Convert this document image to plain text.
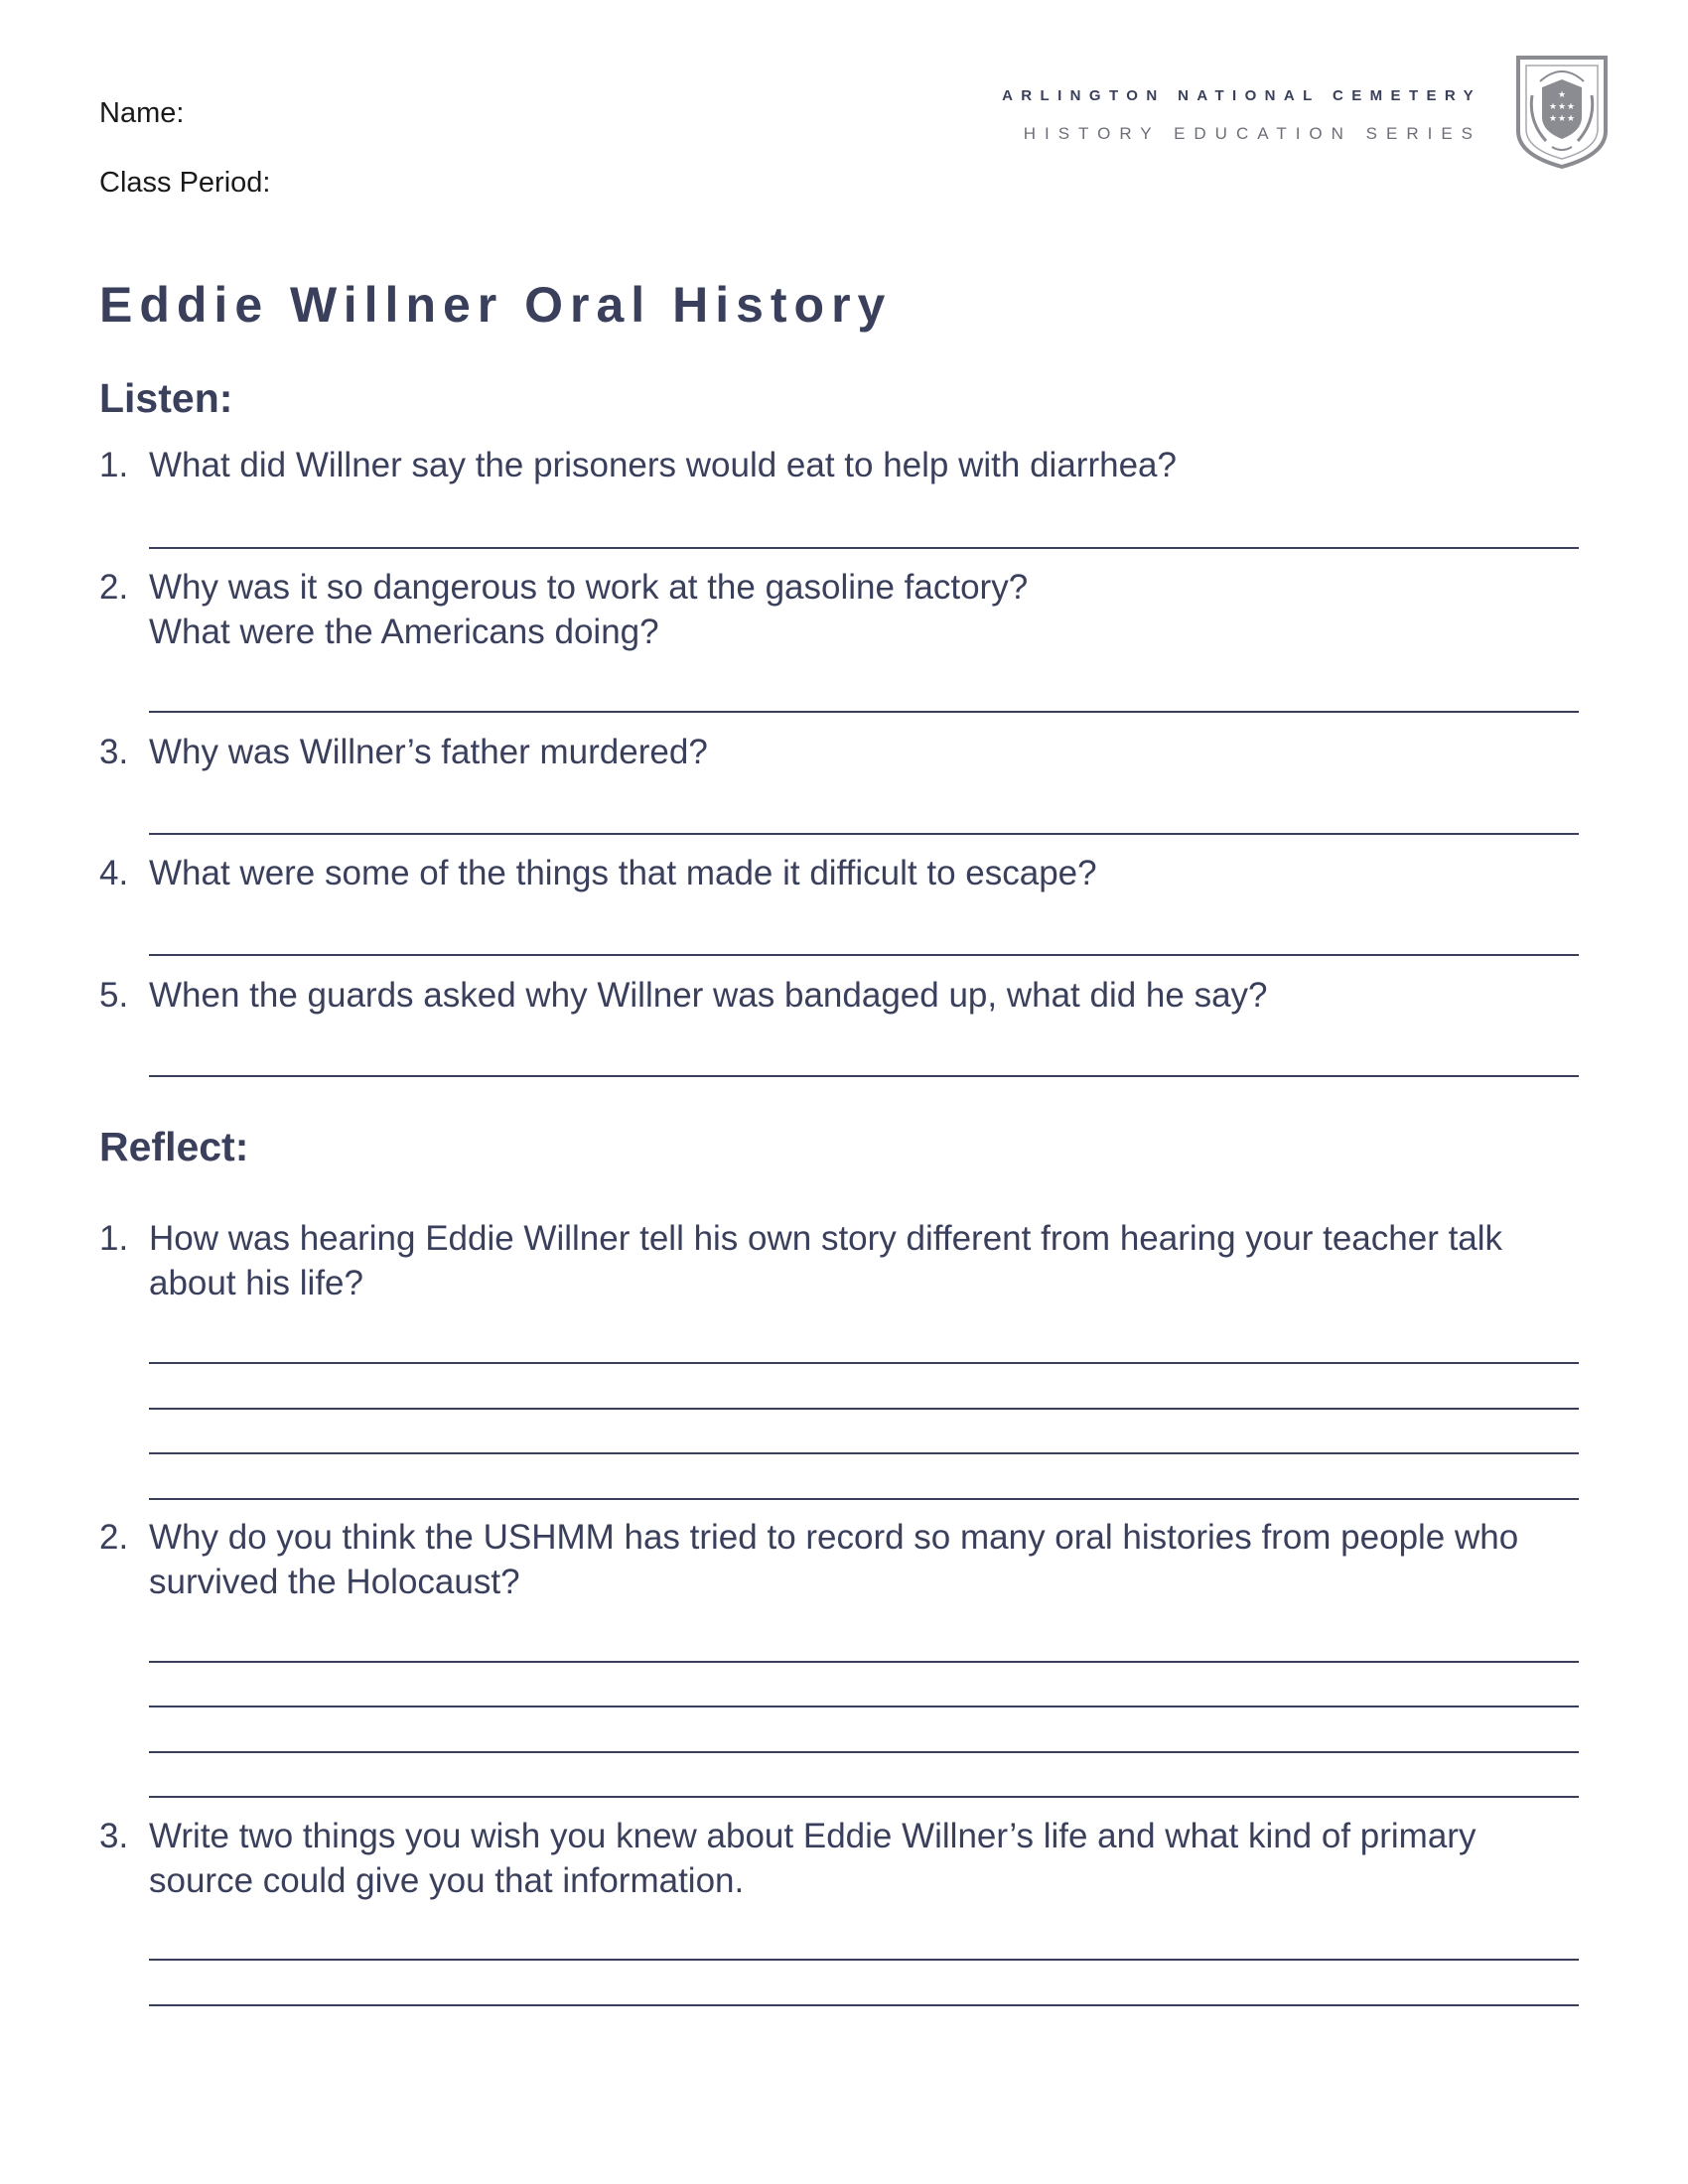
Name:
Class Period:
ARLINGTON NATIONAL CEMETERY
HISTORY EDUCATION SERIES
★
★ ★ ★
★ ★ ★
Eddie Willner Oral History
Listen:
1. What did Willner say the prisoners would eat to help with diarrhea?
2. Why was it so dangerous to work at the gasoline factory?
What were the Americans doing?
3. Why was Willner’s father murdered?
4. What were some of the things that made it difficult to escape?
5. When the guards asked why Willner was bandaged up, what did he say?
Reflect:
1. How was hearing Eddie Willner tell his own story different from hearing your teacher talk about his life?
2. Why do you think the USHMM has tried to record so many oral histories from people who survived the Holocaust?
3. Write two things you wish you knew about Eddie Willner’s life and what kind of primary source could give you that information.
